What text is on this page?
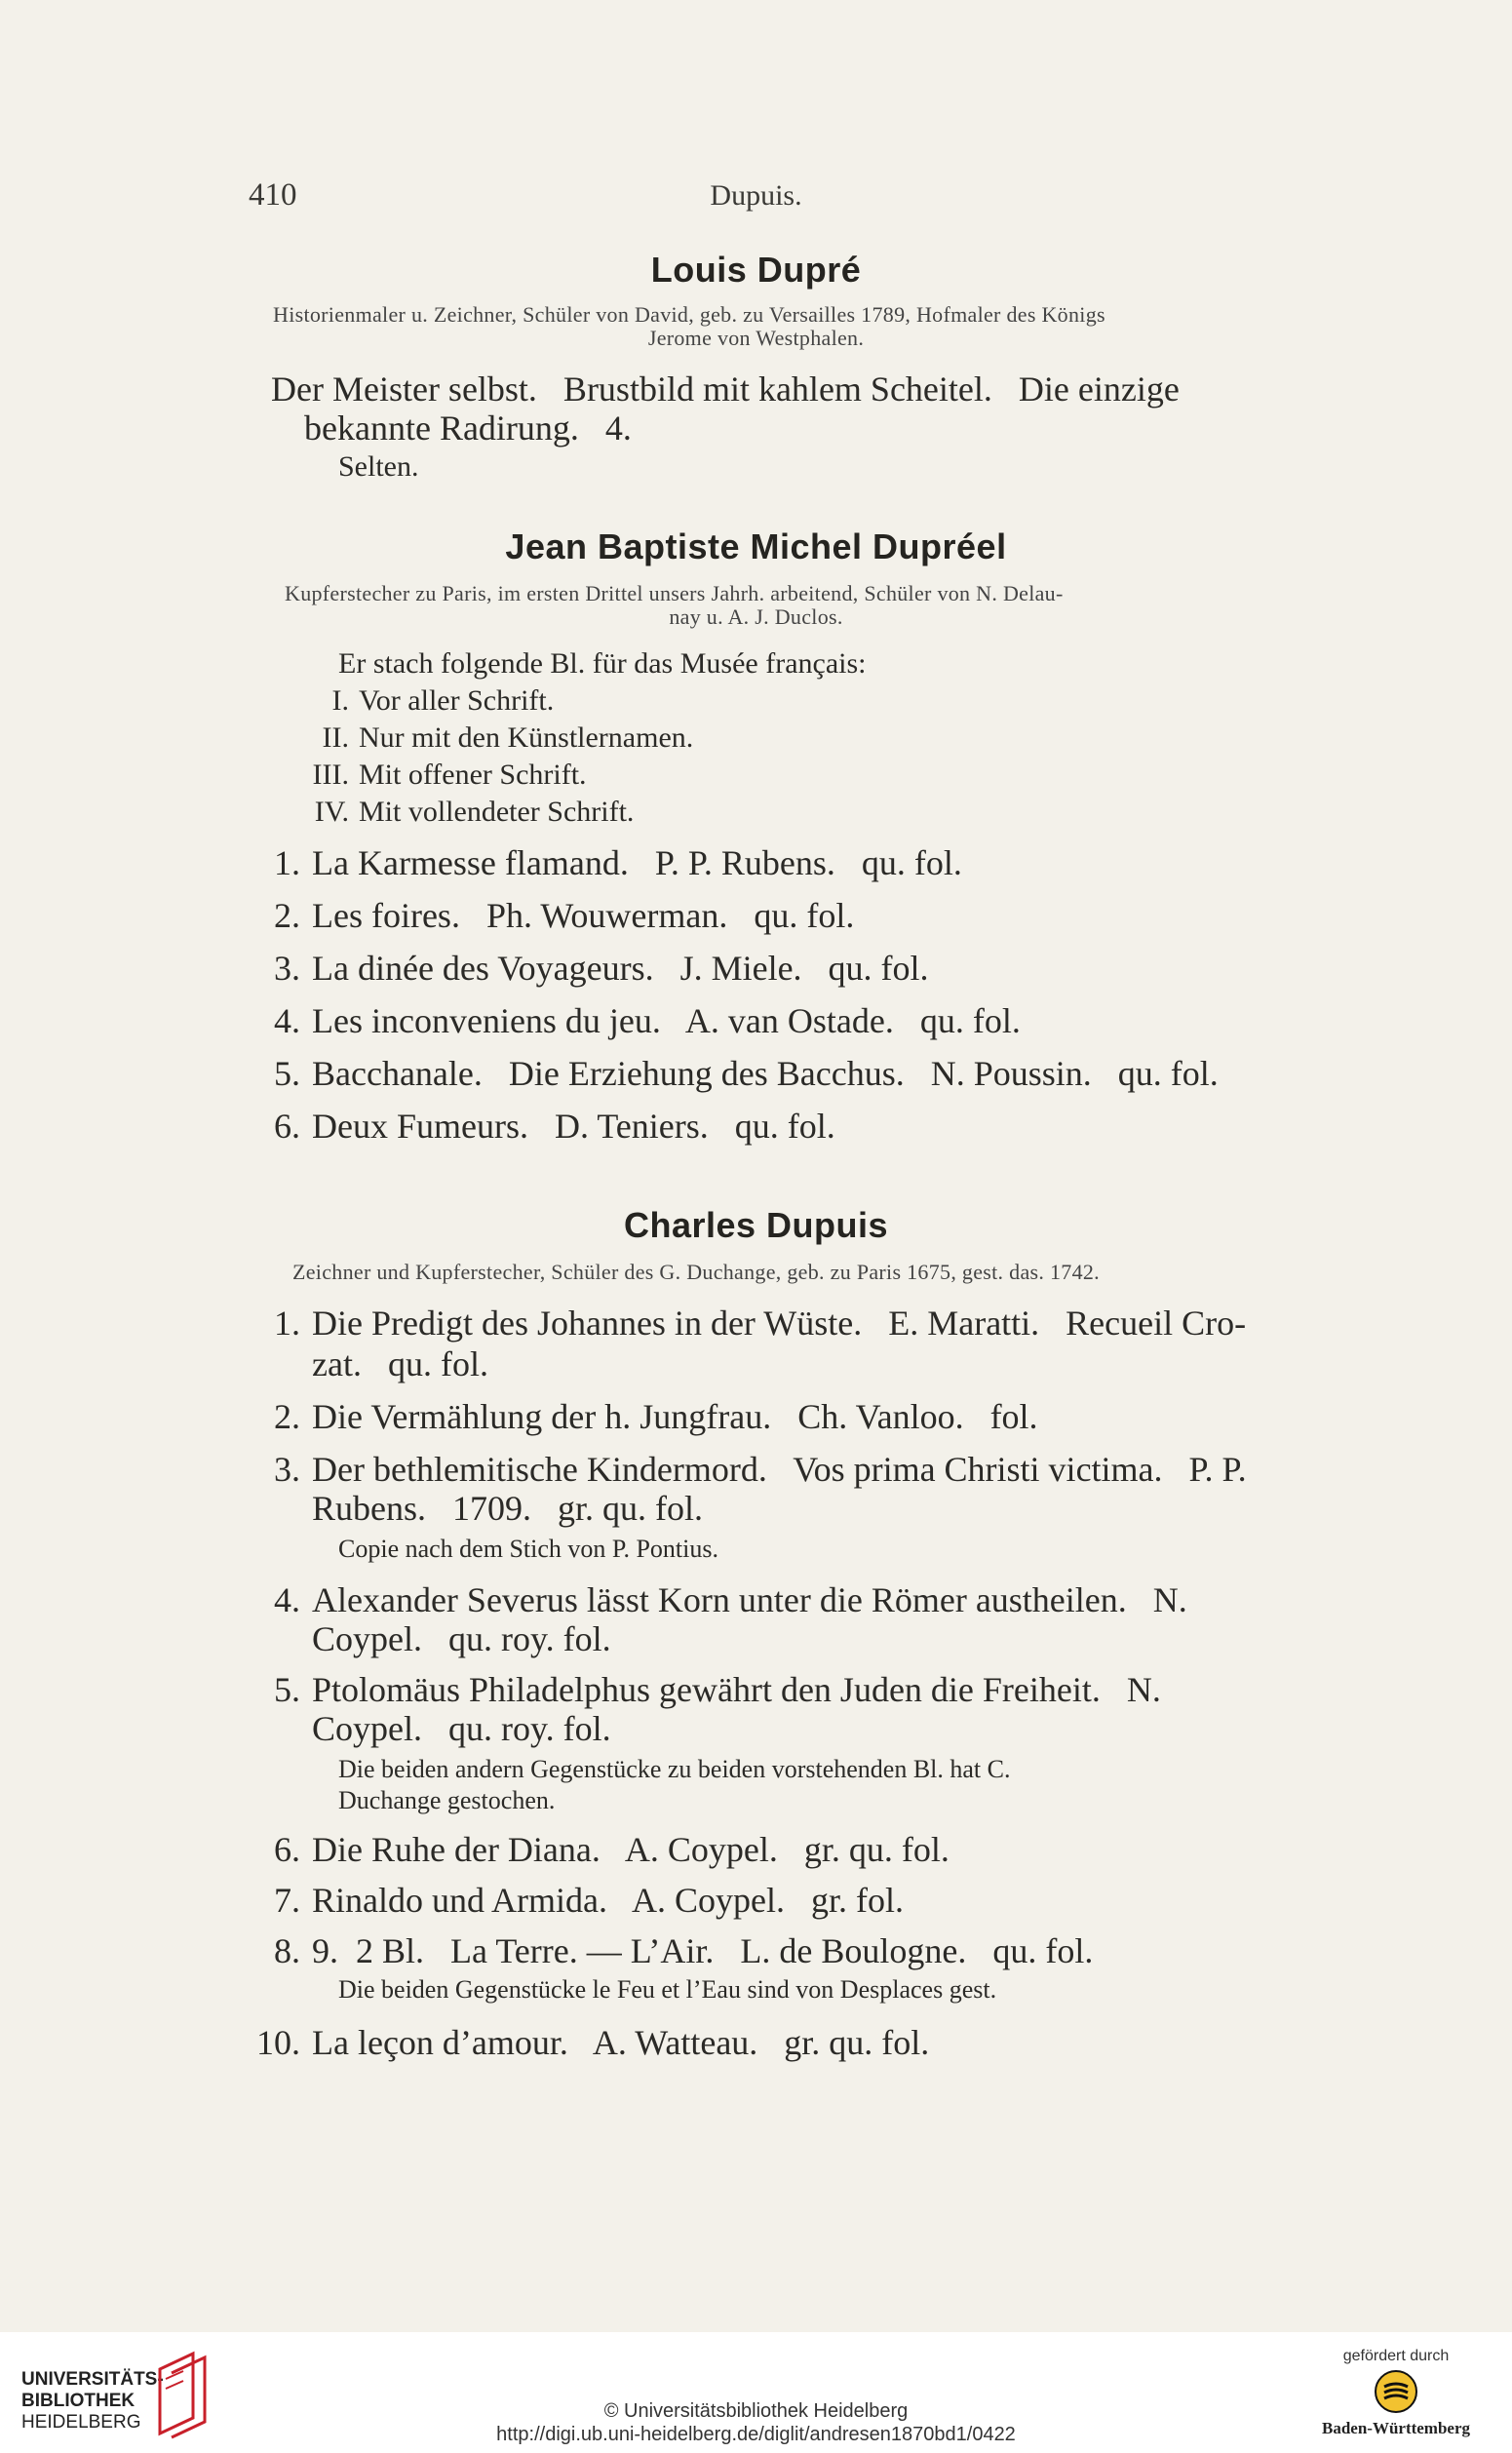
410	Dupuis.
Louis Dupré
Historienmaler u. Zeichner, Schüler von David, geb. zu Versailles 1789, Hofmaler des Königs
Jerome von Westphalen.
Der Meister selbst.   Brustbild mit kahlem Scheitel.   Die einzige
bekannte Radirung.   4.
Selten.
Jean Baptiste Michel Dupréel
Kupferstecher zu Paris, im ersten Drittel unsers Jahrh. arbeitend, Schüler von N. Delau-
nay u. A. J. Duclos.
Er stach folgende Bl. für das Musée français:
I. Vor aller Schrift.
II. Nur mit den Künstlernamen.
III. Mit offener Schrift.
IV. Mit vollendeter Schrift.
1. La Karmesse flamand.   P. P. Rubens.   qu. fol.
2. Les foires.   Ph. Wouwerman.   qu. fol.
3. La dinée des Voyageurs.   J. Miele.   qu. fol.
4. Les inconveniens du jeu.   A. van Ostade.   qu. fol.
5. Bacchanale.   Die Erziehung des Bacchus.   N. Poussin.   qu. fol.
6. Deux Fumeurs.   D. Teniers.   qu. fol.
Charles Dupuis
Zeichner und Kupferstecher, Schüler des G. Duchange, geb. zu Paris 1675, gest. das. 1742.
1. Die Predigt des Johannes in der Wüste.   E. Maratti.   Recueil Cro-
zat.   qu. fol.
2. Die Vermählung der h. Jungfrau.   Ch. Vanloo.   fol.
3. Der bethlemitische Kindermord.   Vos prima Christi victima.   P. P.
Rubens.   1709.   gr. qu. fol.
Copie nach dem Stich von P. Pontius.
4. Alexander Severus lässt Korn unter die Römer austheilen.   N.
Coypel.   qu. roy. fol.
5. Ptolomäus Philadelphus gewährt den Juden die Freiheit.   N.
Coypel.   qu. roy. fol.
Die beiden andern Gegenstücke zu beiden vorstehenden Bl. hat C.
Duchange gestochen.
6. Die Ruhe der Diana.   A. Coypel.   gr. qu. fol.
7. Rinaldo und Armida.   A. Coypel.   gr. fol.
8. 9.  2 Bl.   La Terre. — L’Air.   L. de Boulogne.   qu. fol.
Die beiden Gegenstücke le Feu et l’Eau sind von Desplaces gest.
10. La leçon d’amour.   A. Watteau.   gr. qu. fol.
UNIVERSITÄTS-
BIBLIOTHEK
HEIDELBERG
© Universitätsbibliothek Heidelberg
http://digi.ub.uni-heidelberg.de/diglit/andresen1870bd1/0422
gefördert durch
Baden-Württemberg
